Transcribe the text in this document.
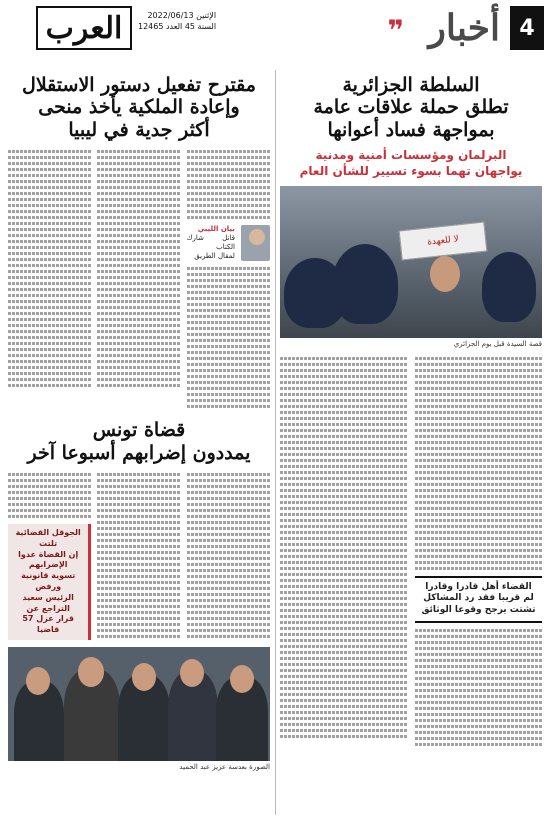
العرب	الإثنين 2022/06/13
السنة 45 العدد 12465	❞	4
أخبار
السلطة الجزائرية
تطلق حملة علاقات عامة
بمواجهة فساد أعوانها
البرلمان ومؤسسات أمنية ومدنية
يواجهان تهما بسوء تسيير للشأن العام
لا للعهدة
قصة السيدة قبل يوم الجزائري
القضاء أهل قادرا وقادرا
لم قريبا فقد رد المشاكل
تشتت يرجح وقوعا الوثائق
مقترح تفعيل دستور الاستقلال
وإعادة الملكية يأخذ منحى
أكثر جدية في ليبيا
بيان الليبي
قاتل شارك الكتاب
لمقال الطريق
قضاة تونس
يمددون إضرابهم أسبوعا آخر
الجوقل القضائية تلتت
إن القضاة عدوا الإضرابهم
تسوية قانونية ورفض
الرئيس سعيد التراجع عن
قرار عزل 57 قاضيا
الصورة بعدسة عزيز عبد الحميد
